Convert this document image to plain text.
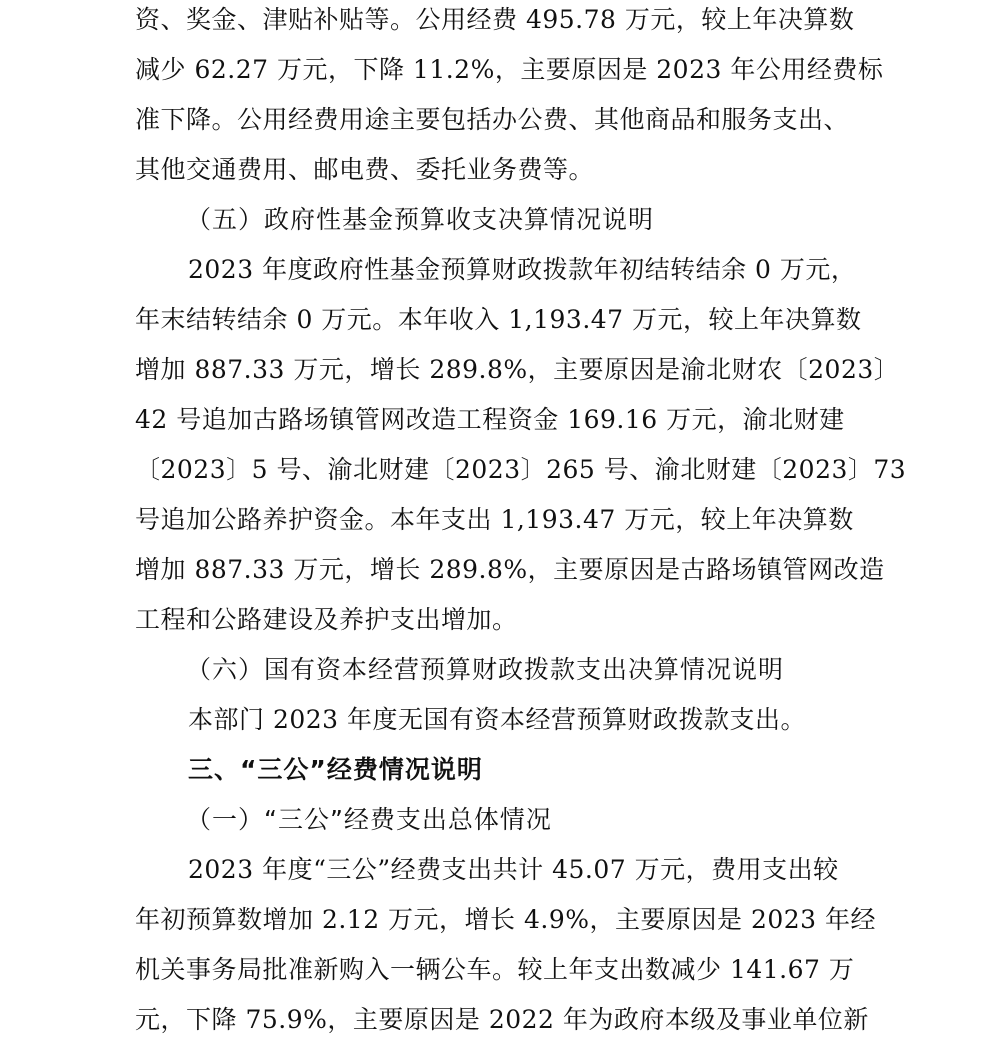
资、奖金、津贴补贴等。公用经费 495.78 万元，较上年决算数
减少 62.27 万元，下降 11.2%，主要原因是 2023 年公用经费标
准下降。公用经费用途主要包括办公费、其他商品和服务支出、
其他交通费用、邮电费、委托业务费等。
（五）政府性基金预算收支决算情况说明
2023 年度政府性基金预算财政拨款年初结转结余 0 万元，
年末结转结余 0 万元。本年收入 1,193.47 万元，较上年决算数
增加 887.33 万元，增长 289.8%，主要原因是渝北财农〔2023〕
42 号追加古路场镇管网改造工程资金 169.16 万元，渝北财建
〔2023〕5 号、渝北财建〔2023〕265 号、渝北财建〔2023〕73
号追加公路养护资金。本年支出 1,193.47 万元，较上年决算数
增加 887.33 万元，增长 289.8%，主要原因是古路场镇管网改造
工程和公路建设及养护支出增加。
（六）国有资本经营预算财政拨款支出决算情况说明
本部门 2023 年度无国有资本经营预算财政拨款支出。
三、“三公”经费情况说明
（一）“三公”经费支出总体情况
2023 年度“三公”经费支出共计 45.07 万元，费用支出较
年初预算数增加 2.12 万元，增长 4.9%，主要原因是 2023 年经
机关事务局批准新购入一辆公车。较上年支出数减少 141.67 万
元，下降 75.9%，主要原因是 2022 年为政府本级及事业单位新
